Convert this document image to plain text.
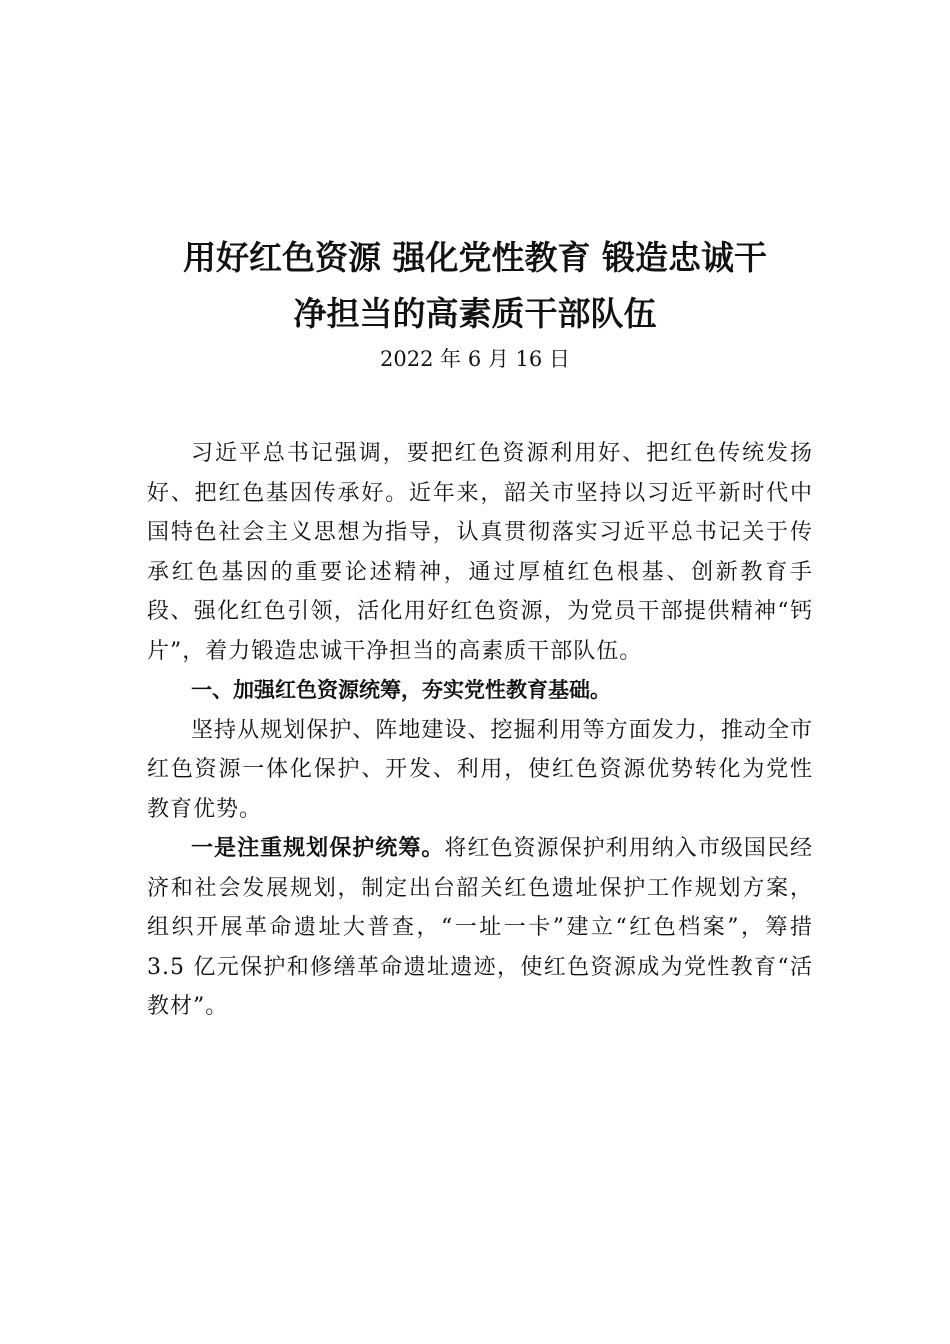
用好红色资源 强化党性教育 锻造忠诚干
净担当的高素质干部队伍
2022 年 6 月 16 日

习近平总书记强调，要把红色资源利用好、把红色传统发扬好、把红色基因传承好。近年来，韶关市坚持以习近平新时代中国特色社会主义思想为指导，认真贯彻落实习近平总书记关于传承红色基因的重要论述精神，通过厚植红色根基、创新教育手段、强化红色引领，活化用好红色资源，为党员干部提供精神“钙片”，着力锻造忠诚干净担当的高素质干部队伍。

一、加强红色资源统筹，夯实党性教育基础。

坚持从规划保护、阵地建设、挖掘利用等方面发力，推动全市红色资源一体化保护、开发、利用，使红色资源优势转化为党性教育优势。

一是注重规划保护统筹。将红色资源保护利用纳入市级国民经济和社会发展规划，制定出台韶关红色遗址保护工作规划方案，组织开展革命遗址大普查，“一址一卡”建立“红色档案”，筹措 3.5 亿元保护和修缮革命遗址遗迹，使红色资源成为党性教育“活教材”。
